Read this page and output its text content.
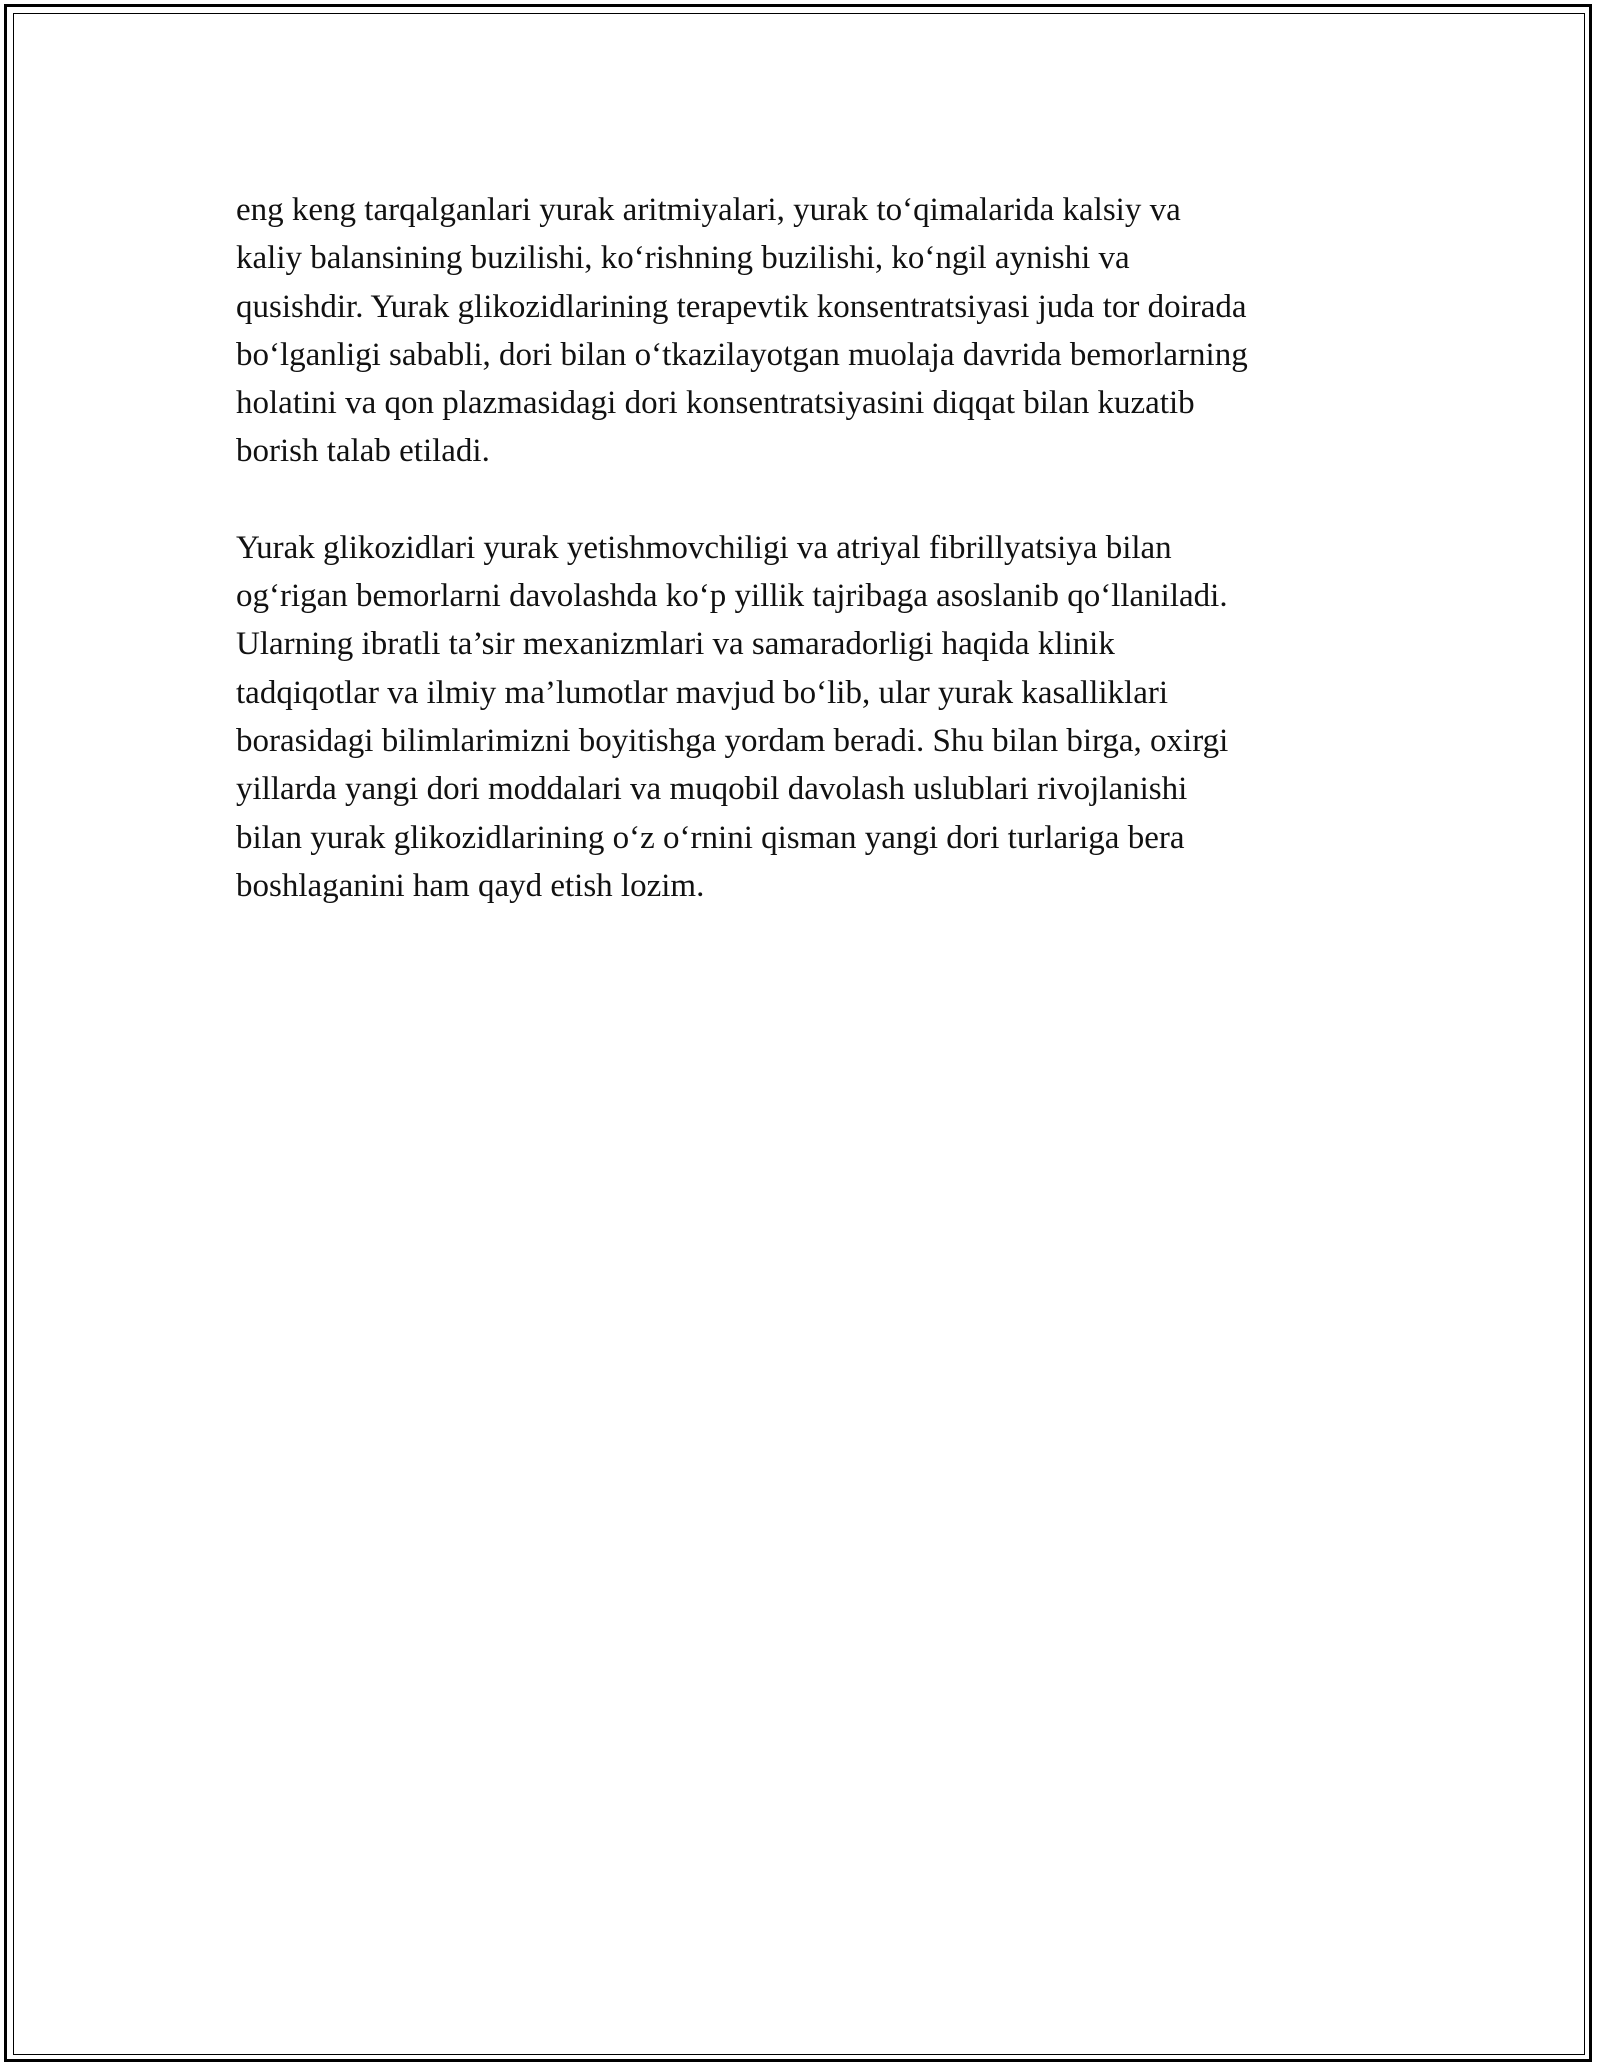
eng keng tarqalganlari yurak aritmiyalari, yurak to‘qimalarida kalsiy va
kaliy balansining buzilishi, ko‘rishning buzilishi, ko‘ngil aynishi va
qusishdir. Yurak glikozidlarining terapevtik konsentratsiyasi juda tor doirada
bo‘lganligi sababli, dori bilan o‘tkazilayotgan muolaja davrida bemorlarning
holatini va qon plazmasidagi dori konsentratsiyasini diqqat bilan kuzatib
borish talab etiladi.

Yurak glikozidlari yurak yetishmovchiligi va atriyal fibrillyatsiya bilan
og‘rigan bemorlarni davolashda ko‘p yillik tajribaga asoslanib qo‘llaniladi.
Ularning ibratli ta’sir mexanizmlari va samaradorligi haqida klinik
tadqiqotlar va ilmiy ma’lumotlar mavjud bo‘lib, ular yurak kasalliklari
borasidagi bilimlarimizni boyitishga yordam beradi. Shu bilan birga, oxirgi
yillarda yangi dori moddalari va muqobil davolash uslublari rivojlanishi
bilan yurak glikozidlarining o‘z o‘rnini qisman yangi dori turlariga bera
boshlaganini ham qayd etish lozim.
